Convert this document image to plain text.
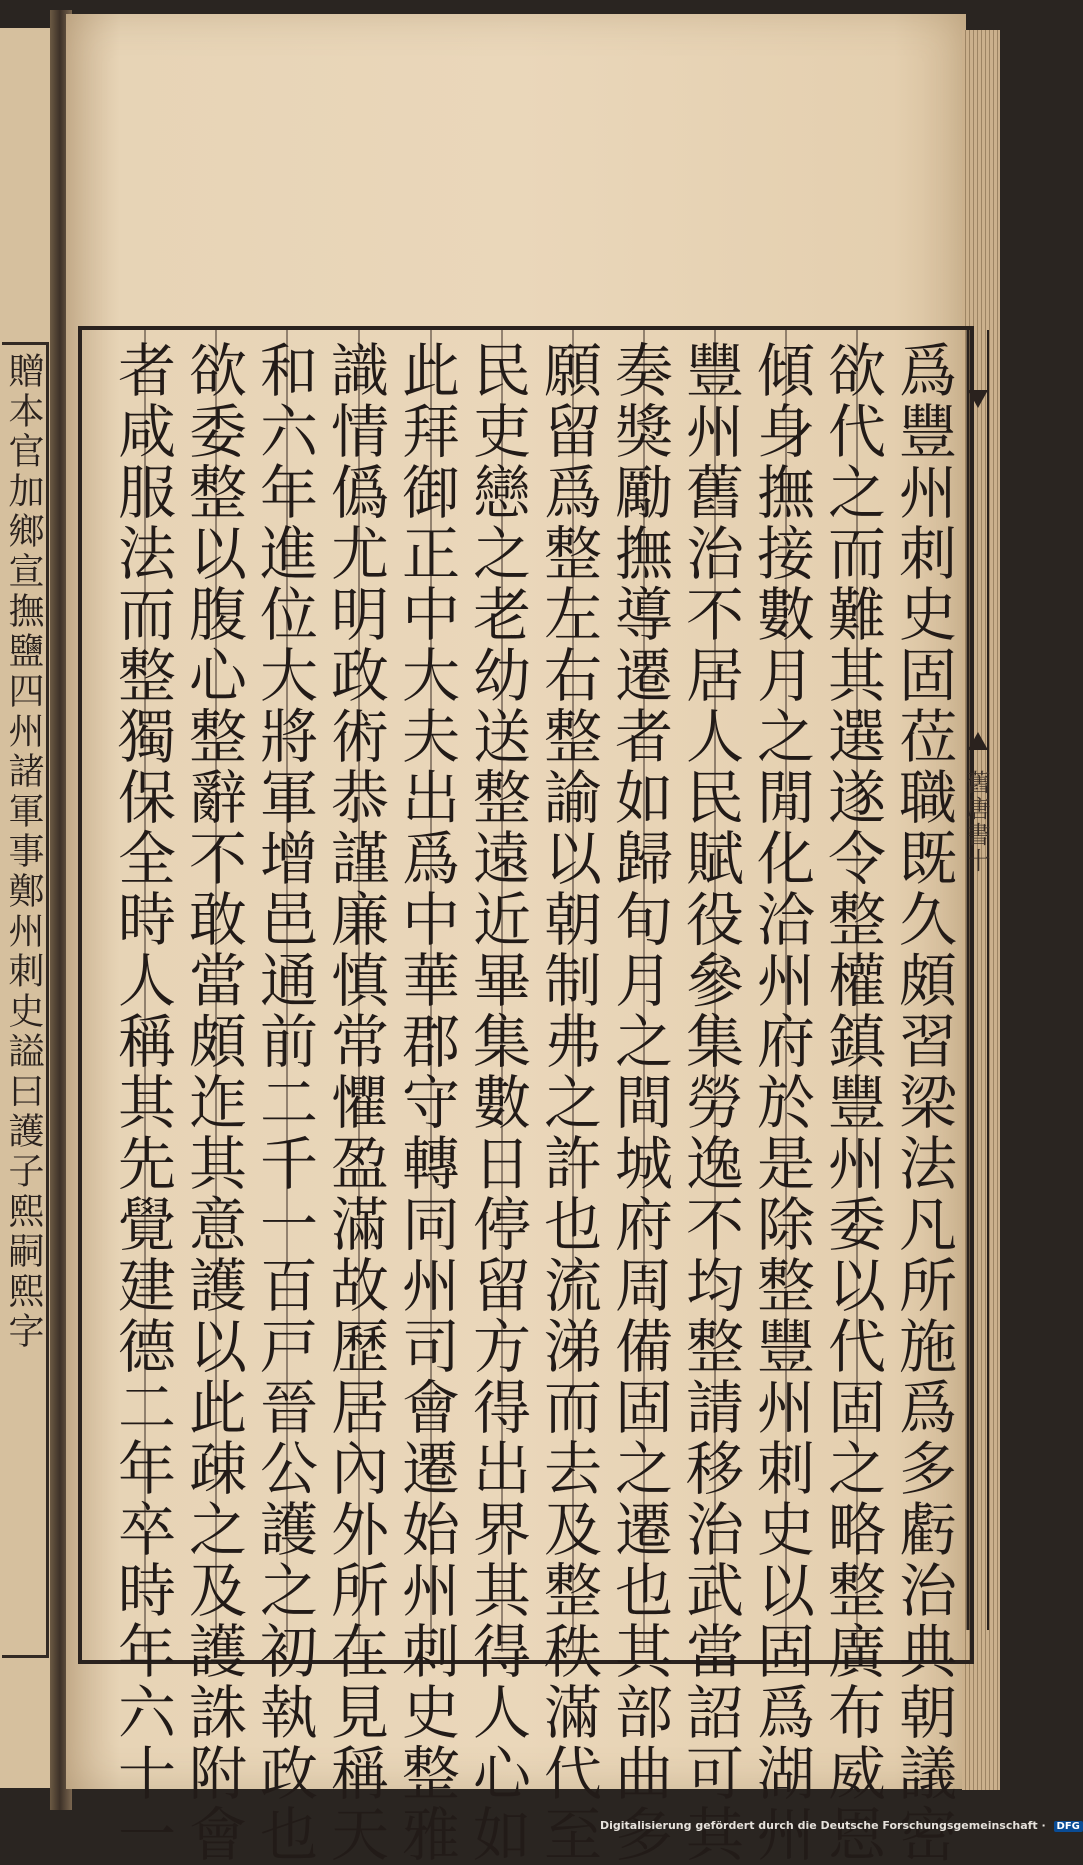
贈本官加鄉宣撫鹽四州諸軍事鄭州刺史謚曰護子熙嗣熙字	舊唐書十
爲豐州刺史固莅職既久頗習梁法凡所施爲多虧治典朝議密
欲代之而難其選遂令整權鎮豐州委以代固之略整廣布威恩
傾身撫接數月之閒化洽州府於是除整豐州刺史以固爲湖州
豐州舊治不居人民賦役參集勞逸不均整請移治武當詔可其
奏獎勵撫導遷者如歸旬月之間城府周備固之遷也其部曲多
願留爲整左右整諭以朝制弗之許也流涕而去及整秩滿代至
民吏戀之老幼送整遠近畢集數日停留方得出界其得人心如
此拜御正中大夫出爲中華郡守轉同州司會遷始州刺史整雅
識情僞尤明政術恭謹廉慎常懼盈滿故歷居內外所在見稱天
和六年進位大將軍增邑通前二千一百戸晉公護之初執政也
欲委整以腹心整辭不敢當頗迮其意護以此疎之及護誅附會
者咸服法而整獨保全時人稱其先覺建德二年卒時年六十一	Digitalisierung gefördert durch die Deutsche Forschungsgemeinschaft · DFG
